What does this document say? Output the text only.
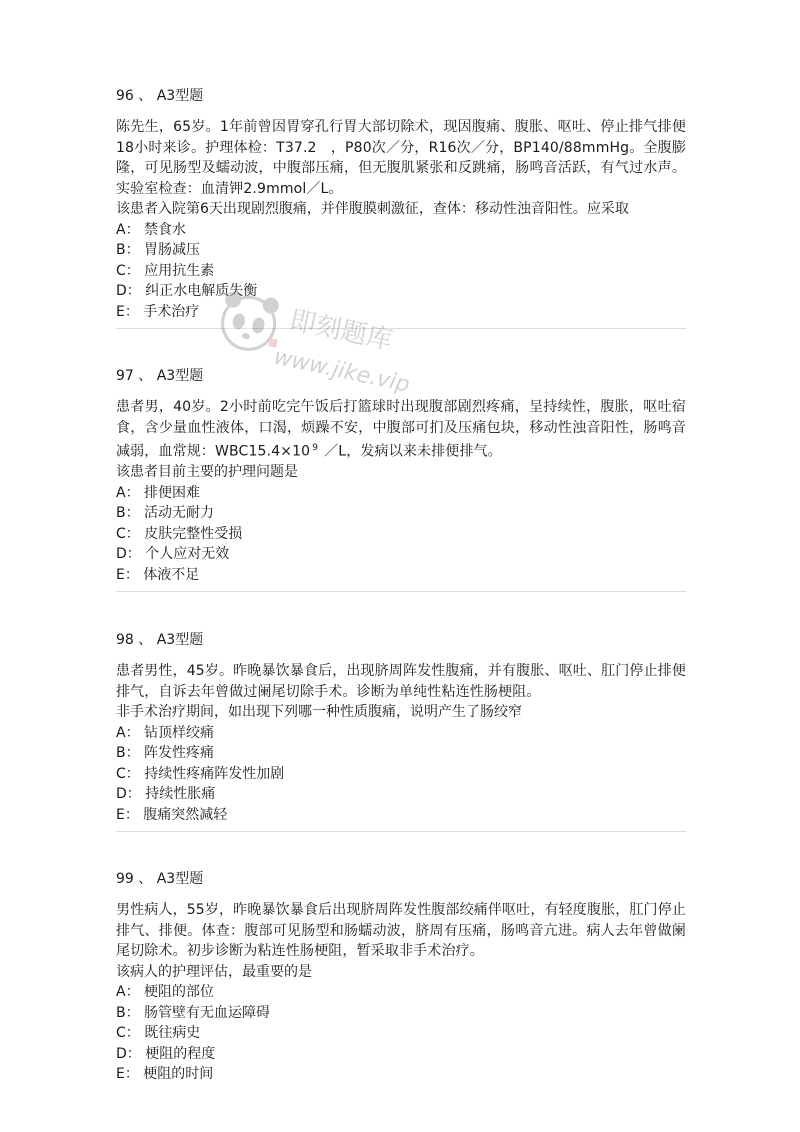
96 、 A3型题

陈先生，65岁。1年前曾因胃穿孔行胃大部切除术，现因腹痛、腹胀、呕吐、停止排气排便18小时来诊。护理体检：T37.2　，P80次／分，R16次／分，BP140/88mmHg。全腹膨隆，可见肠型及蠕动波，中腹部压痛，但无腹肌紧张和反跳痛，肠鸣音活跃，有气过水声。实验室检查：血清钾2.9mmol／L。

该患者入院第6天出现剧烈腹痛，并伴腹膜刺激征，查体：移动性浊音阳性。应采取

A： 禁食水
B： 胃肠减压
C： 应用抗生素
D： 纠正水电解质失衡
E： 手术治疗
97 、 A3型题

患者男，40岁。2小时前吃完午饭后打篮球时出现腹部剧烈疼痛，呈持续性，腹胀，呕吐宿食，含少量血性液体，口渴，烦躁不安，中腹部可扪及压痛包块，移动性浊音阳性，肠鸣音减弱，血常规：WBC15.4×10 $^9$ ／L，发病以来未排便排气。

该患者目前主要的护理问题是

A： 排便困难
B： 活动无耐力
C： 皮肤完整性受损
D： 个人应对无效
E： 体液不足
98 、 A3型题

患者男性，45岁。昨晚暴饮暴食后，出现脐周阵发性腹痛，并有腹胀、呕吐、肛门停止排便排气，自诉去年曾做过阑尾切除手术。诊断为单纯性粘连性肠梗阻。

非手术治疗期间，如出现下列哪一种性质腹痛，说明产生了肠绞窄

A： 钻顶样绞痛
B： 阵发性疼痛
C： 持续性疼痛阵发性加剧
D： 持续性胀痛
E： 腹痛突然减轻
99 、 A3型题

男性病人，55岁，昨晚暴饮暴食后出现脐周阵发性腹部绞痛伴呕吐，有轻度腹胀，肛门停止排气、排便。体查：腹部可见肠型和肠蠕动波，脐周有压痛，肠鸣音亢进。病人去年曾做阑尾切除术。初步诊断为粘连性肠梗阻，暂采取非手术治疗。

该病人的护理评估，最重要的是

A： 梗阻的部位
B： 肠管壁有无血运障碍
C： 既往病史
D： 梗阻的程度
E： 梗阻的时间
即刻题库
www.jike.vip
